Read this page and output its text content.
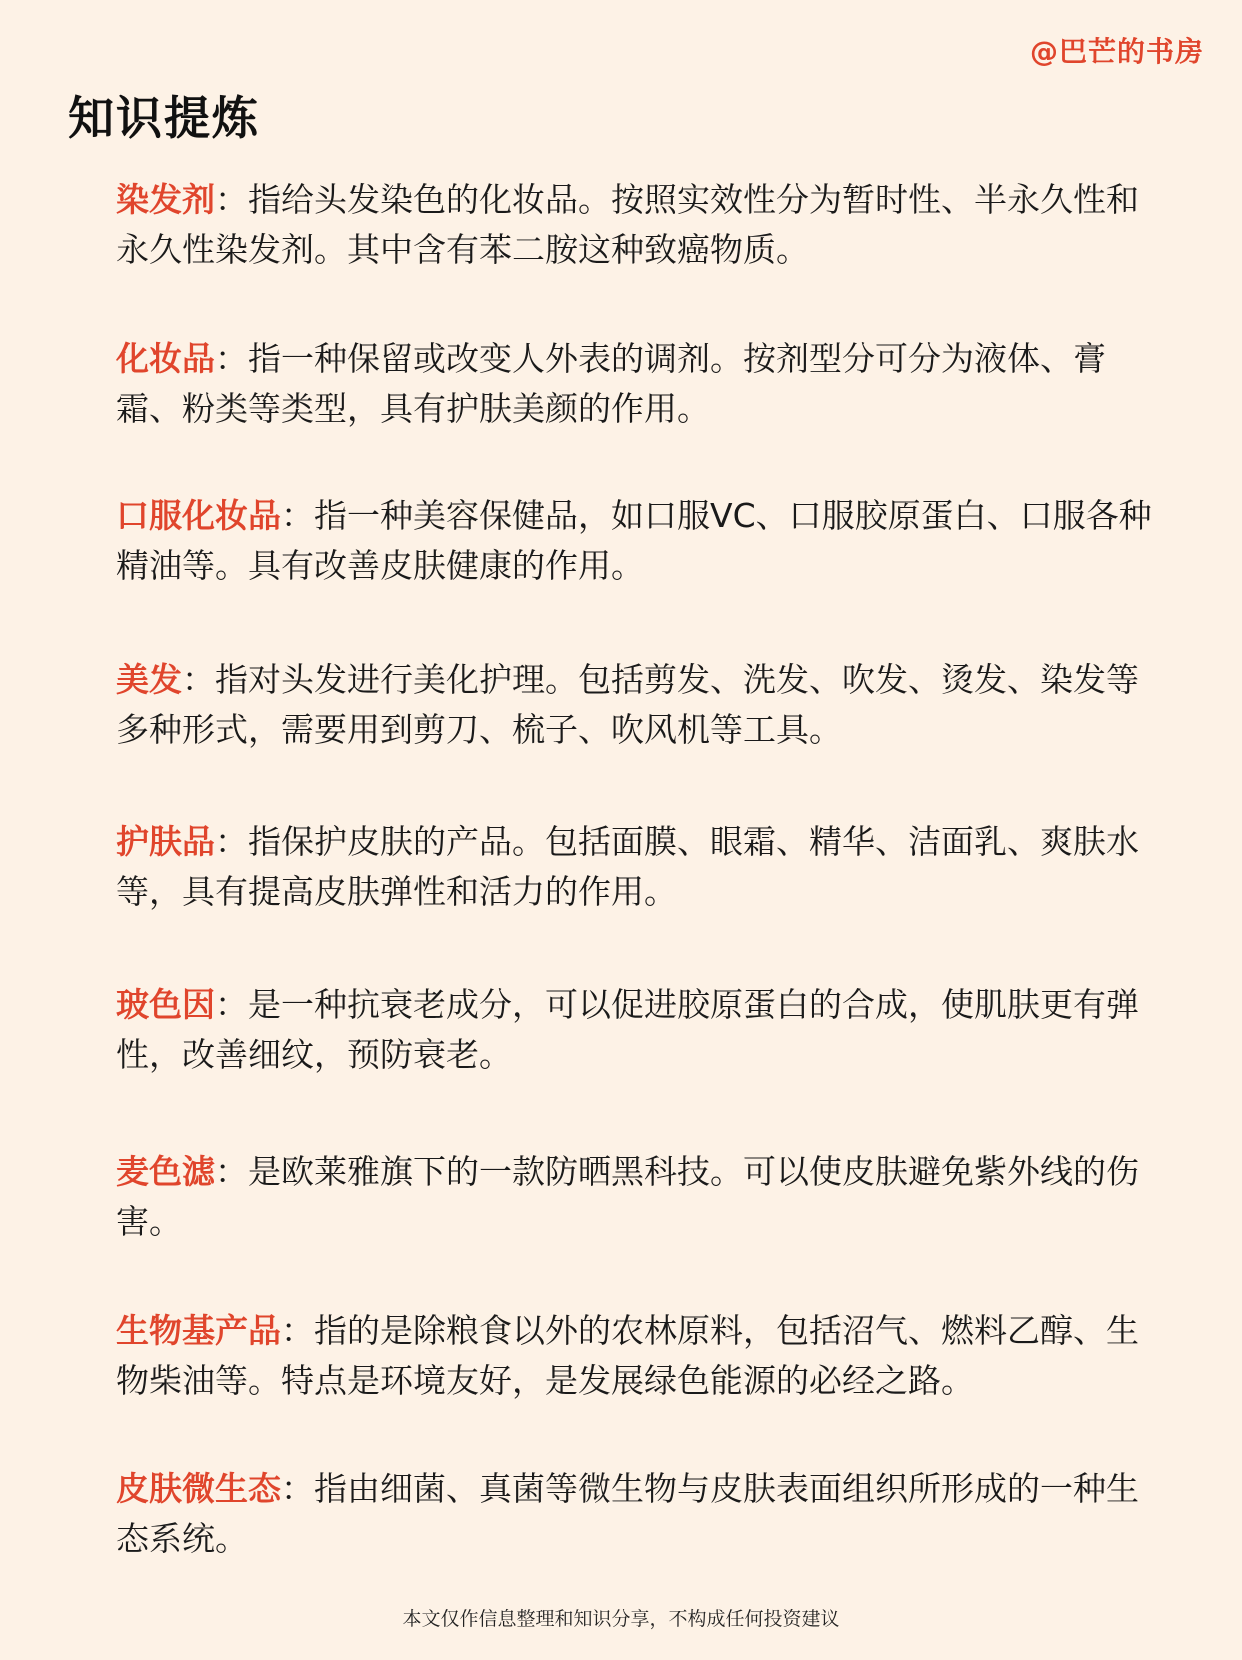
@巴芒的书房
知识提炼

染发剂：指给头发染色的化妆品。按照实效性分为暂时性、半永久性和永久性染发剂。其中含有苯二胺这种致癌物质。

化妆品：指一种保留或改变人外表的调剂。按剂型分可分为液体、膏霜、粉类等类型，具有护肤美颜的作用。

口服化妆品：指一种美容保健品，如口服VC、口服胶原蛋白、口服各种精油等。具有改善皮肤健康的作用。

美发：指对头发进行美化护理。包括剪发、洗发、吹发、烫发、染发等多种形式，需要用到剪刀、梳子、吹风机等工具。

护肤品：指保护皮肤的产品。包括面膜、眼霜、精华、洁面乳、爽肤水等，具有提高皮肤弹性和活力的作用。

玻色因：是一种抗衰老成分，可以促进胶原蛋白的合成，使肌肤更有弹性，改善细纹，预防衰老。

麦色滤：是欧莱雅旗下的一款防晒黑科技。可以使皮肤避免紫外线的伤害。

生物基产品：指的是除粮食以外的农林原料，包括沼气、燃料乙醇、生物柴油等。特点是环境友好，是发展绿色能源的必经之路。

皮肤微生态：指由细菌、真菌等微生物与皮肤表面组织所形成的一种生态系统。

本文仅作信息整理和知识分享，不构成任何投资建议
